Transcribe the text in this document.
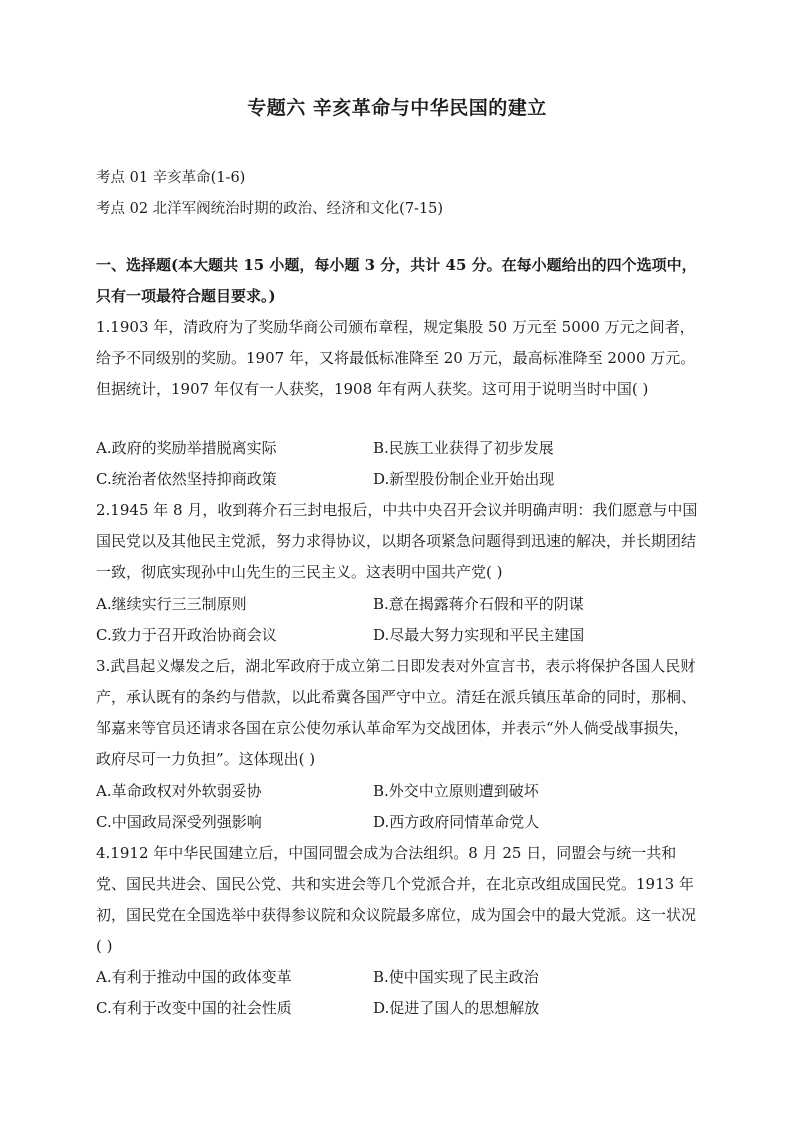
专题六 辛亥革命与中华民国的建立
考点 01 辛亥革命(1-6)
考点 02 北洋军阀统治时期的政治、经济和文化(7-15)
一、选择题(本大题共 15 小题，每小题 3 分，共计 45 分。在每小题给出的四个选项中，只有一项最符合题目要求。)
1.1903 年，清政府为了奖励华商公司颁布章程，规定集股 50 万元至 5000 万元之间者，给予不同级别的奖励。1907 年，又将最低标准降至 20 万元，最高标准降至 2000 万元。但据统计，1907 年仅有一人获奖，1908 年有两人获奖。这可用于说明当时中国( )
A.政府的奖励举措脱离实际	B.民族工业获得了初步发展
C.统治者依然坚持抑商政策	D.新型股份制企业开始出现
2.1945 年 8 月，收到蒋介石三封电报后，中共中央召开会议并明确声明：我们愿意与中国国民党以及其他民主党派，努力求得协议，以期各项紧急问题得到迅速的解决，并长期团结一致，彻底实现孙中山先生的三民主义。这表明中国共产党( )
A.继续实行三三制原则	B.意在揭露蒋介石假和平的阴谋
C.致力于召开政治协商会议	D.尽最大努力实现和平民主建国
3.武昌起义爆发之后，湖北军政府于成立第二日即发表对外宣言书，表示将保护各国人民财产，承认既有的条约与借款，以此希冀各国严守中立。清廷在派兵镇压革命的同时，那桐、邹嘉来等官员还请求各国在京公使勿承认革命军为交战团体，并表示“外人倘受战事损失，政府尽可一力负担”。这体现出( )
A.革命政权对外软弱妥协	B.外交中立原则遭到破坏
C.中国政局深受列强影响	D.西方政府同情革命党人
4.1912 年中华民国建立后，中国同盟会成为合法组织。8 月 25 日，同盟会与统一共和党、国民共进会、国民公党、共和实进会等几个党派合并，在北京改组成国民党。1913 年初，国民党在全国选举中获得参议院和众议院最多席位，成为国会中的最大党派。这一状况( )
A.有利于推动中国的政体变革	B.使中国实现了民主政治
C.有利于改变中国的社会性质	D.促进了国人的思想解放
